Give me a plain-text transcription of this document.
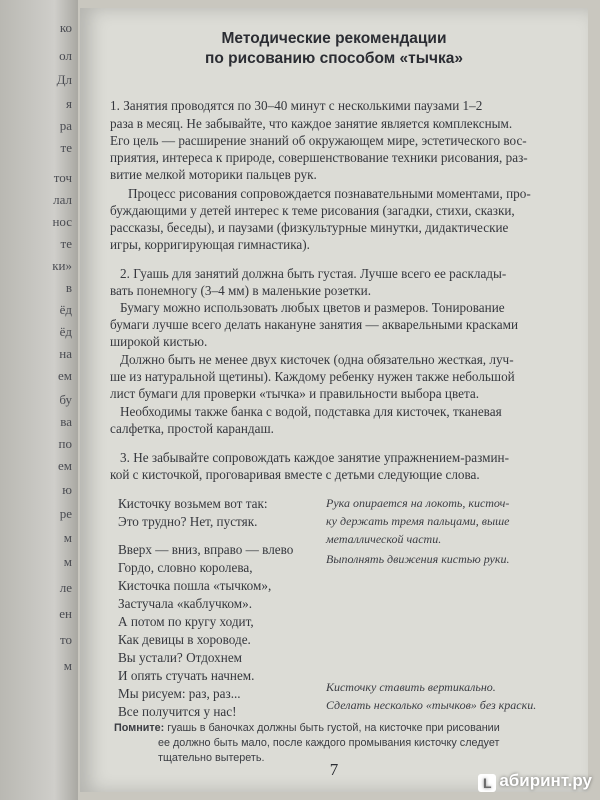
ко
ол
Дл
я
ра
те
точ
лал
нос
те
ки»
в
ёд
ёд
на
ем
бу
ва
по
ем
ю
ре
м
м
ле
ен
то
м
Методические рекомендации
по рисованию способом «тычка»
1. Занятия проводятся по 30–40 минут с несколькими паузами 1–2
раза в месяц. Не забывайте, что каждое занятие является комплексным.
Его цель — расширение знаний об окружающем мире, эстетического вос-
приятия, интереса к природе, совершенствование техники рисования, раз-
витие мелкой моторики пальцев рук.
Процесс рисования сопровождается познавательными моментами, про-
буждающими у детей интерес к теме рисования (загадки, стихи, сказки,
рассказы, беседы), и паузами (физкультурные минутки, дидактические
игры, корригирующая гимнастика).
2. Гуашь для занятий должна быть густая. Лучше всего ее расклады-
вать понемногу (3–4 мм) в маленькие розетки.
Бумагу можно использовать любых цветов и размеров. Тонирование
бумаги лучше всего делать накануне занятия — акварельными красками
широкой кистью.
Должно быть не менее двух кисточек (одна обязательно жесткая, луч-
ше из натуральной щетины). Каждому ребенку нужен также небольшой
лист бумаги для проверки «тычка» и правильности выбора цвета.
Необходимы также банка с водой, подставка для кисточек, тканевая
салфетка, простой карандаш.
3. Не забывайте сопровождать каждое занятие упражнением-размин-
кой с кисточкой, проговаривая вместе с детьми следующие слова.
Кисточку возьмем вот так:
Это трудно? Нет, пустяк.
Вверх — вниз, вправо — влево
Гордо, словно королева,
Кисточка пошла «тычком»,
Застучала «каблучком».
А потом по кругу ходит,
Как девицы в хороводе.
Вы устали? Отдохнем
И опять стучать начнем.
Мы рисуем: раз, раз...
Все получится у нас!
Рука опирается на локоть, кисточ-
ку держать тремя пальцами, выше
металлической части.
Выполнять движения кистью руки.
Кисточку ставить вертикально.
Сделать несколько «тычков» без краски.
Помните: гуашь в баночках должны быть густой, на кисточке при рисовании
ее должно быть мало, после каждого промывания кисточку следует
тщательно вытереть.
7
L абиринт.ру
